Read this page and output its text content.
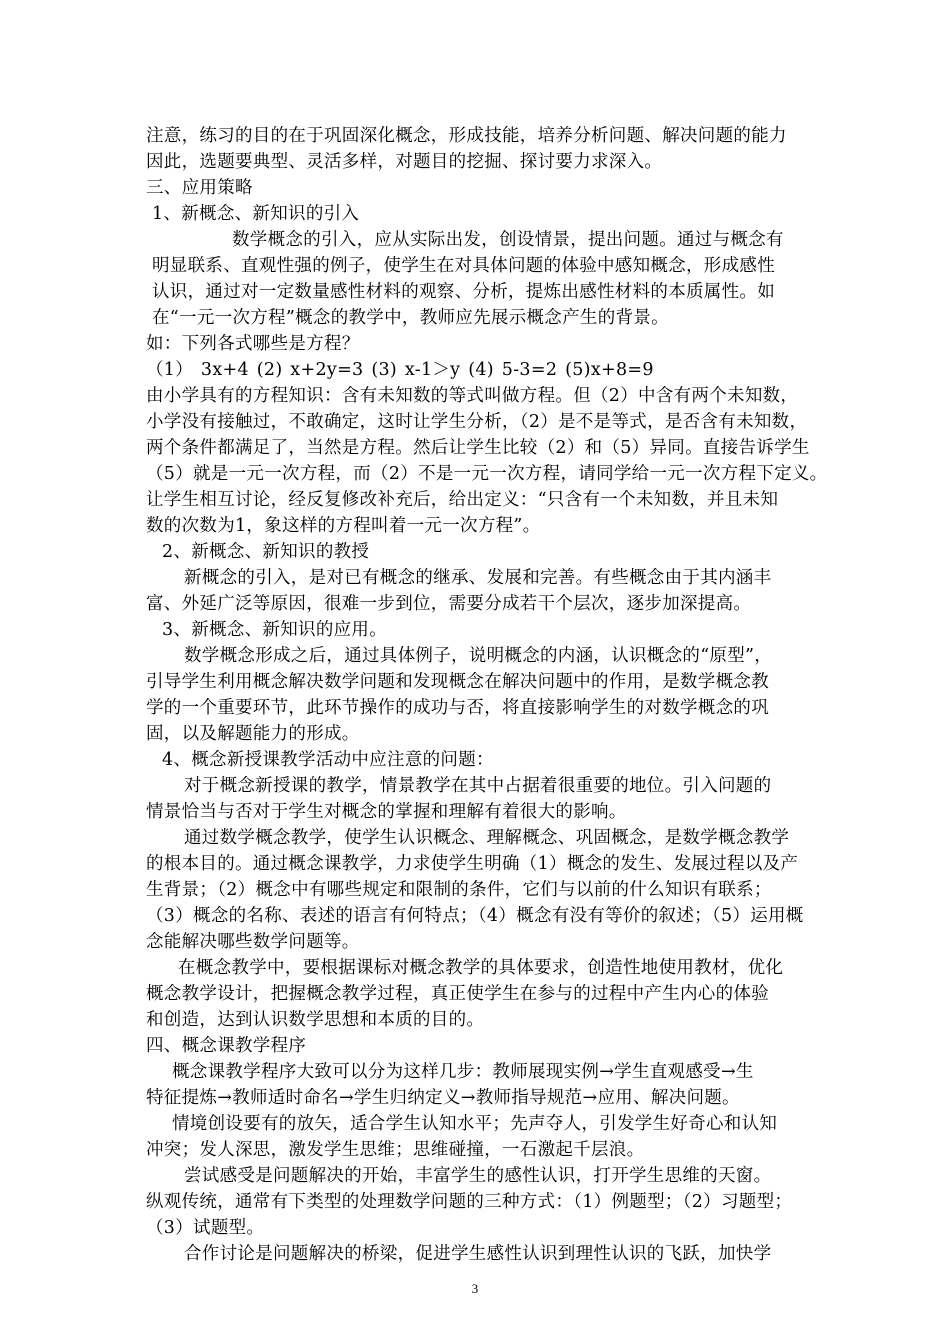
注意，练习的目的在于巩固深化概念，形成技能，培养分析问题、解决问题的能力
因此，选题要典型、灵活多样，对题目的挖掘、探讨要力求深入。
三、应用策略
1、新概念、新知识的引入
数学概念的引入，应从实际出发，创设情景，提出问题。通过与概念有
明显联系、直观性强的例子，使学生在对具体问题的体验中感知概念，形成感性
认识，通过对一定数量感性材料的观察、分析，提炼出感性材料的本质属性。如
在“一元一次方程”概念的教学中，教师应先展示概念产生的背景。
如：下列各式哪些是方程？
（1） 3x+4 (2) x+2y=3 (3) x-1＞y (4) 5-3=2 (5)x+8=9
由小学具有的方程知识：含有未知数的等式叫做方程。但（2）中含有两个未知数，
小学没有接触过，不敢确定，这时让学生分析，（2）是不是等式，是否含有未知数，
两个条件都满足了，当然是方程。然后让学生比较（2）和（5）异同。直接告诉学生
（5）就是一元一次方程，而（2）不是一元一次方程，请同学给一元一次方程下定义。
让学生相互讨论，经反复修改补充后，给出定义：“只含有一个未知数，并且未知
数的次数为1，象这样的方程叫着一元一次方程”。
2、新概念、新知识的教授
新概念的引入，是对已有概念的继承、发展和完善。有些概念由于其内涵丰
富、外延广泛等原因，很难一步到位，需要分成若干个层次，逐步加深提高。
3、新概念、新知识的应用。
数学概念形成之后，通过具体例子，说明概念的内涵，认识概念的“原型”，
引导学生利用概念解决数学问题和发现概念在解决问题中的作用，是数学概念教
学的一个重要环节，此环节操作的成功与否，将直接影响学生的对数学概念的巩
固，以及解题能力的形成。
4、概念新授课教学活动中应注意的问题：
对于概念新授课的教学，情景教学在其中占据着很重要的地位。引入问题的
情景恰当与否对于学生对概念的掌握和理解有着很大的影响。
通过数学概念教学，使学生认识概念、理解概念、巩固概念，是数学概念教学
的根本目的。通过概念课教学，力求使学生明确（1）概念的发生、发展过程以及产
生背景；（2）概念中有哪些规定和限制的条件，它们与以前的什么知识有联系；
（3）概念的名称、表述的语言有何特点；（4）概念有没有等价的叙述；（5）运用概
念能解决哪些数学问题等。
在概念教学中，要根据课标对概念教学的具体要求，创造性地使用教材，优化
概念教学设计，把握概念教学过程，真正使学生在参与的过程中产生内心的体验
和创造，达到认识数学思想和本质的目的。
四、概念课教学程序
概念课教学程序大致可以分为这样几步：教师展现实例→学生直观感受→生
特征提炼→教师适时命名→学生归纳定义→教师指导规范→应用、解决问题。
情境创设要有的放矢，适合学生认知水平；先声夺人，引发学生好奇心和认知
冲突；发人深思，激发学生思维；思维碰撞，一石激起千层浪。
尝试感受是问题解决的开始，丰富学生的感性认识，打开学生思维的天窗。
纵观传统，通常有下类型的处理数学问题的三种方式：（1）例题型；（2）习题型；
（3）试题型。
合作讨论是问题解决的桥梁，促进学生感性认识到理性认识的飞跃，加快学
3
